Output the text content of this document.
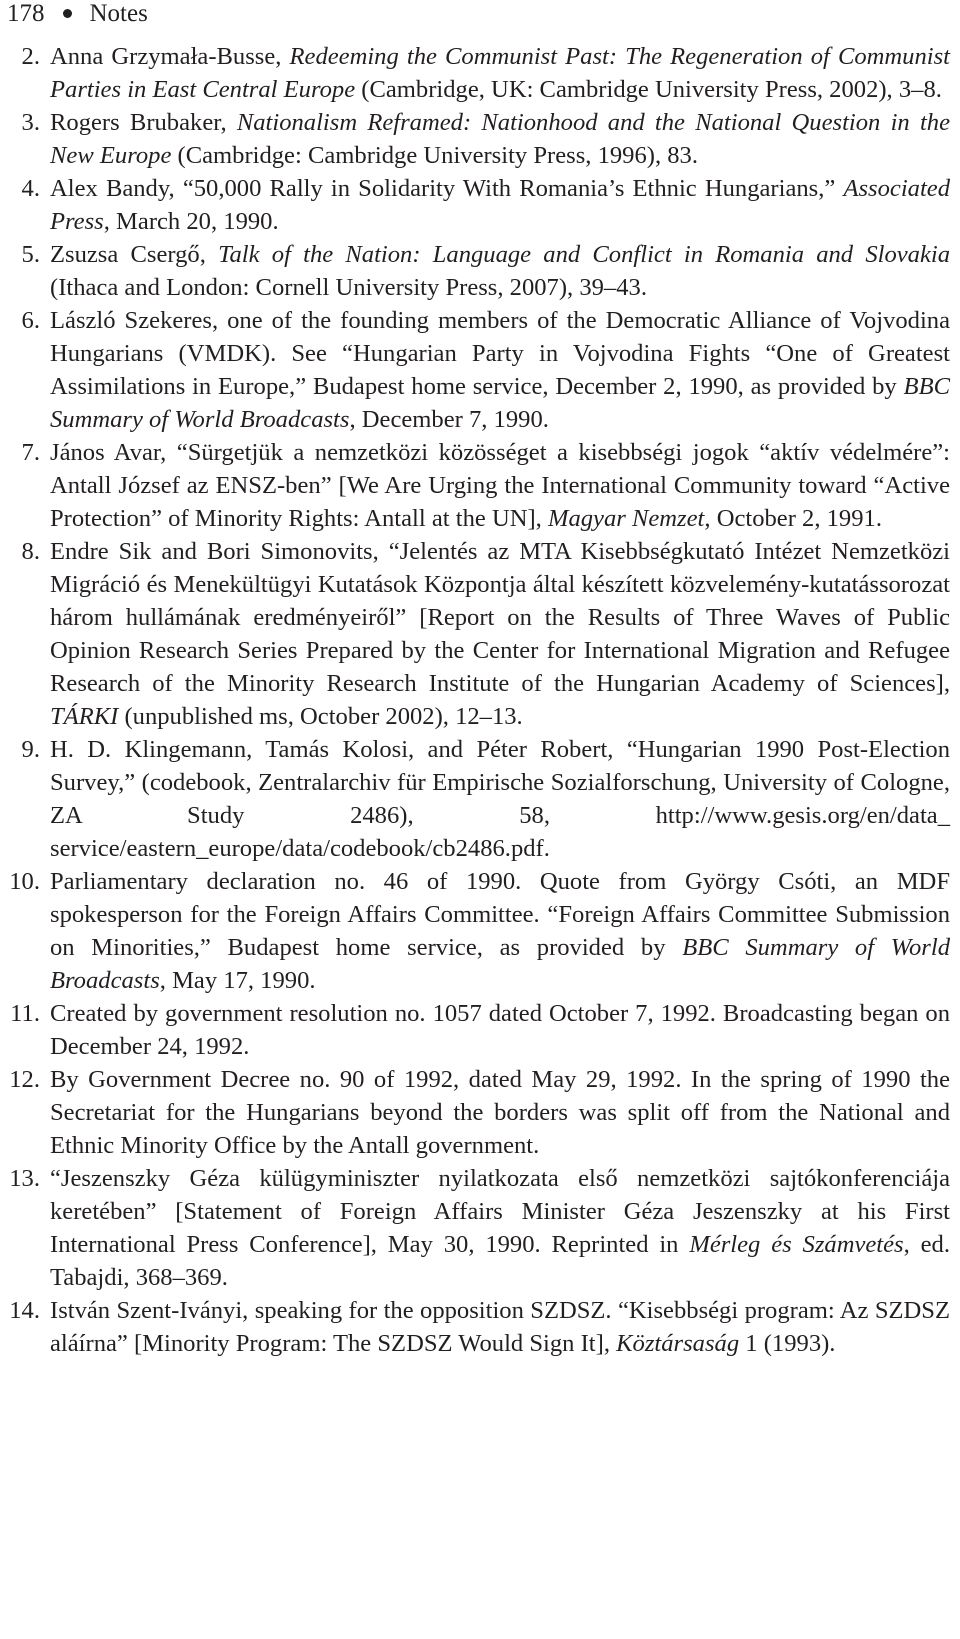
178 Notes
2. Anna Grzymała-Busse, Redeeming the Communist Past: The Regeneration of Communist Parties in East Central Europe (Cambridge, UK: Cambridge University Press, 2002), 3–8.
3. Rogers Brubaker, Nationalism Reframed: Nationhood and the National Question in the New Europe (Cambridge: Cambridge University Press, 1996), 83.
4. Alex Bandy, “50,000 Rally in Solidarity With Romania’s Ethnic Hungarians,” Associated Press, March 20, 1990.
5. Zsuzsa Csergő, Talk of the Nation: Language and Conflict in Romania and Slovakia (Ithaca and London: Cornell University Press, 2007), 39–43.
6. László Szekeres, one of the founding members of the Democratic Alliance of Vojvodina Hungarians (VMDK). See “Hungarian Party in Vojvodina Fights “One of Greatest Assimilations in Europe,” Budapest home service, December 2, 1990, as provided by BBC Summary of World Broadcasts, December 7, 1990.
7. János Avar, “Sürgetjük a nemzetközi közösséget a kisebbségi jogok “aktív védelmére”: Antall József az ENSZ-ben” [We Are Urging the International Community toward “Active Protection” of Minority Rights: Antall at the UN], Magyar Nemzet, October 2, 1991.
8. Endre Sik and Bori Simonovits, “Jelentés az MTA Kisebbségkutató Intézet Nemzetközi Migráció és Menekültügyi Kutatások Központja által készített közvelemény-kutatássorozat három hullámának eredményeiről” [Report on the Results of Three Waves of Public Opinion Research Series Prepared by the Center for International Migration and Refugee Research of the Minority Research Institute of the Hungarian Academy of Sciences], TÁRKI (unpublished ms, October 2002), 12–13.
9. H. D. Klingemann, Tamás Kolosi, and Péter Robert, “Hungarian 1990 Post-Election Survey,” (codebook, Zentralarchiv für Empirische Sozialforschung, University of Cologne, ZA Study 2486), 58, http://www.gesis.org/en/data_ service/eastern_europe/data/codebook/cb2486.pdf.
10. Parliamentary declaration no. 46 of 1990. Quote from György Csóti, an MDF spokesperson for the Foreign Affairs Committee. “Foreign Affairs Committee Submission on Minorities,” Budapest home service, as provided by BBC Summary of World Broadcasts, May 17, 1990.
11. Created by government resolution no. 1057 dated October 7, 1992. Broadcasting began on December 24, 1992.
12. By Government Decree no. 90 of 1992, dated May 29, 1992. In the spring of 1990 the Secretariat for the Hungarians beyond the borders was split off from the National and Ethnic Minority Office by the Antall government.
13. “Jeszenszky Géza külügyminiszter nyilatkozata első nemzetközi sajtókonferenciája keretében” [Statement of Foreign Affairs Minister Géza Jeszenszky at his First International Press Conference], May 30, 1990. Reprinted in Mérleg és Számvetés, ed. Tabajdi, 368–369.
14. István Szent-Iványi, speaking for the opposition SZDSZ. “Kisebbségi program: Az SZDSZ aláírna” [Minority Program: The SZDSZ Would Sign It], Köztársaság 1 (1993).
